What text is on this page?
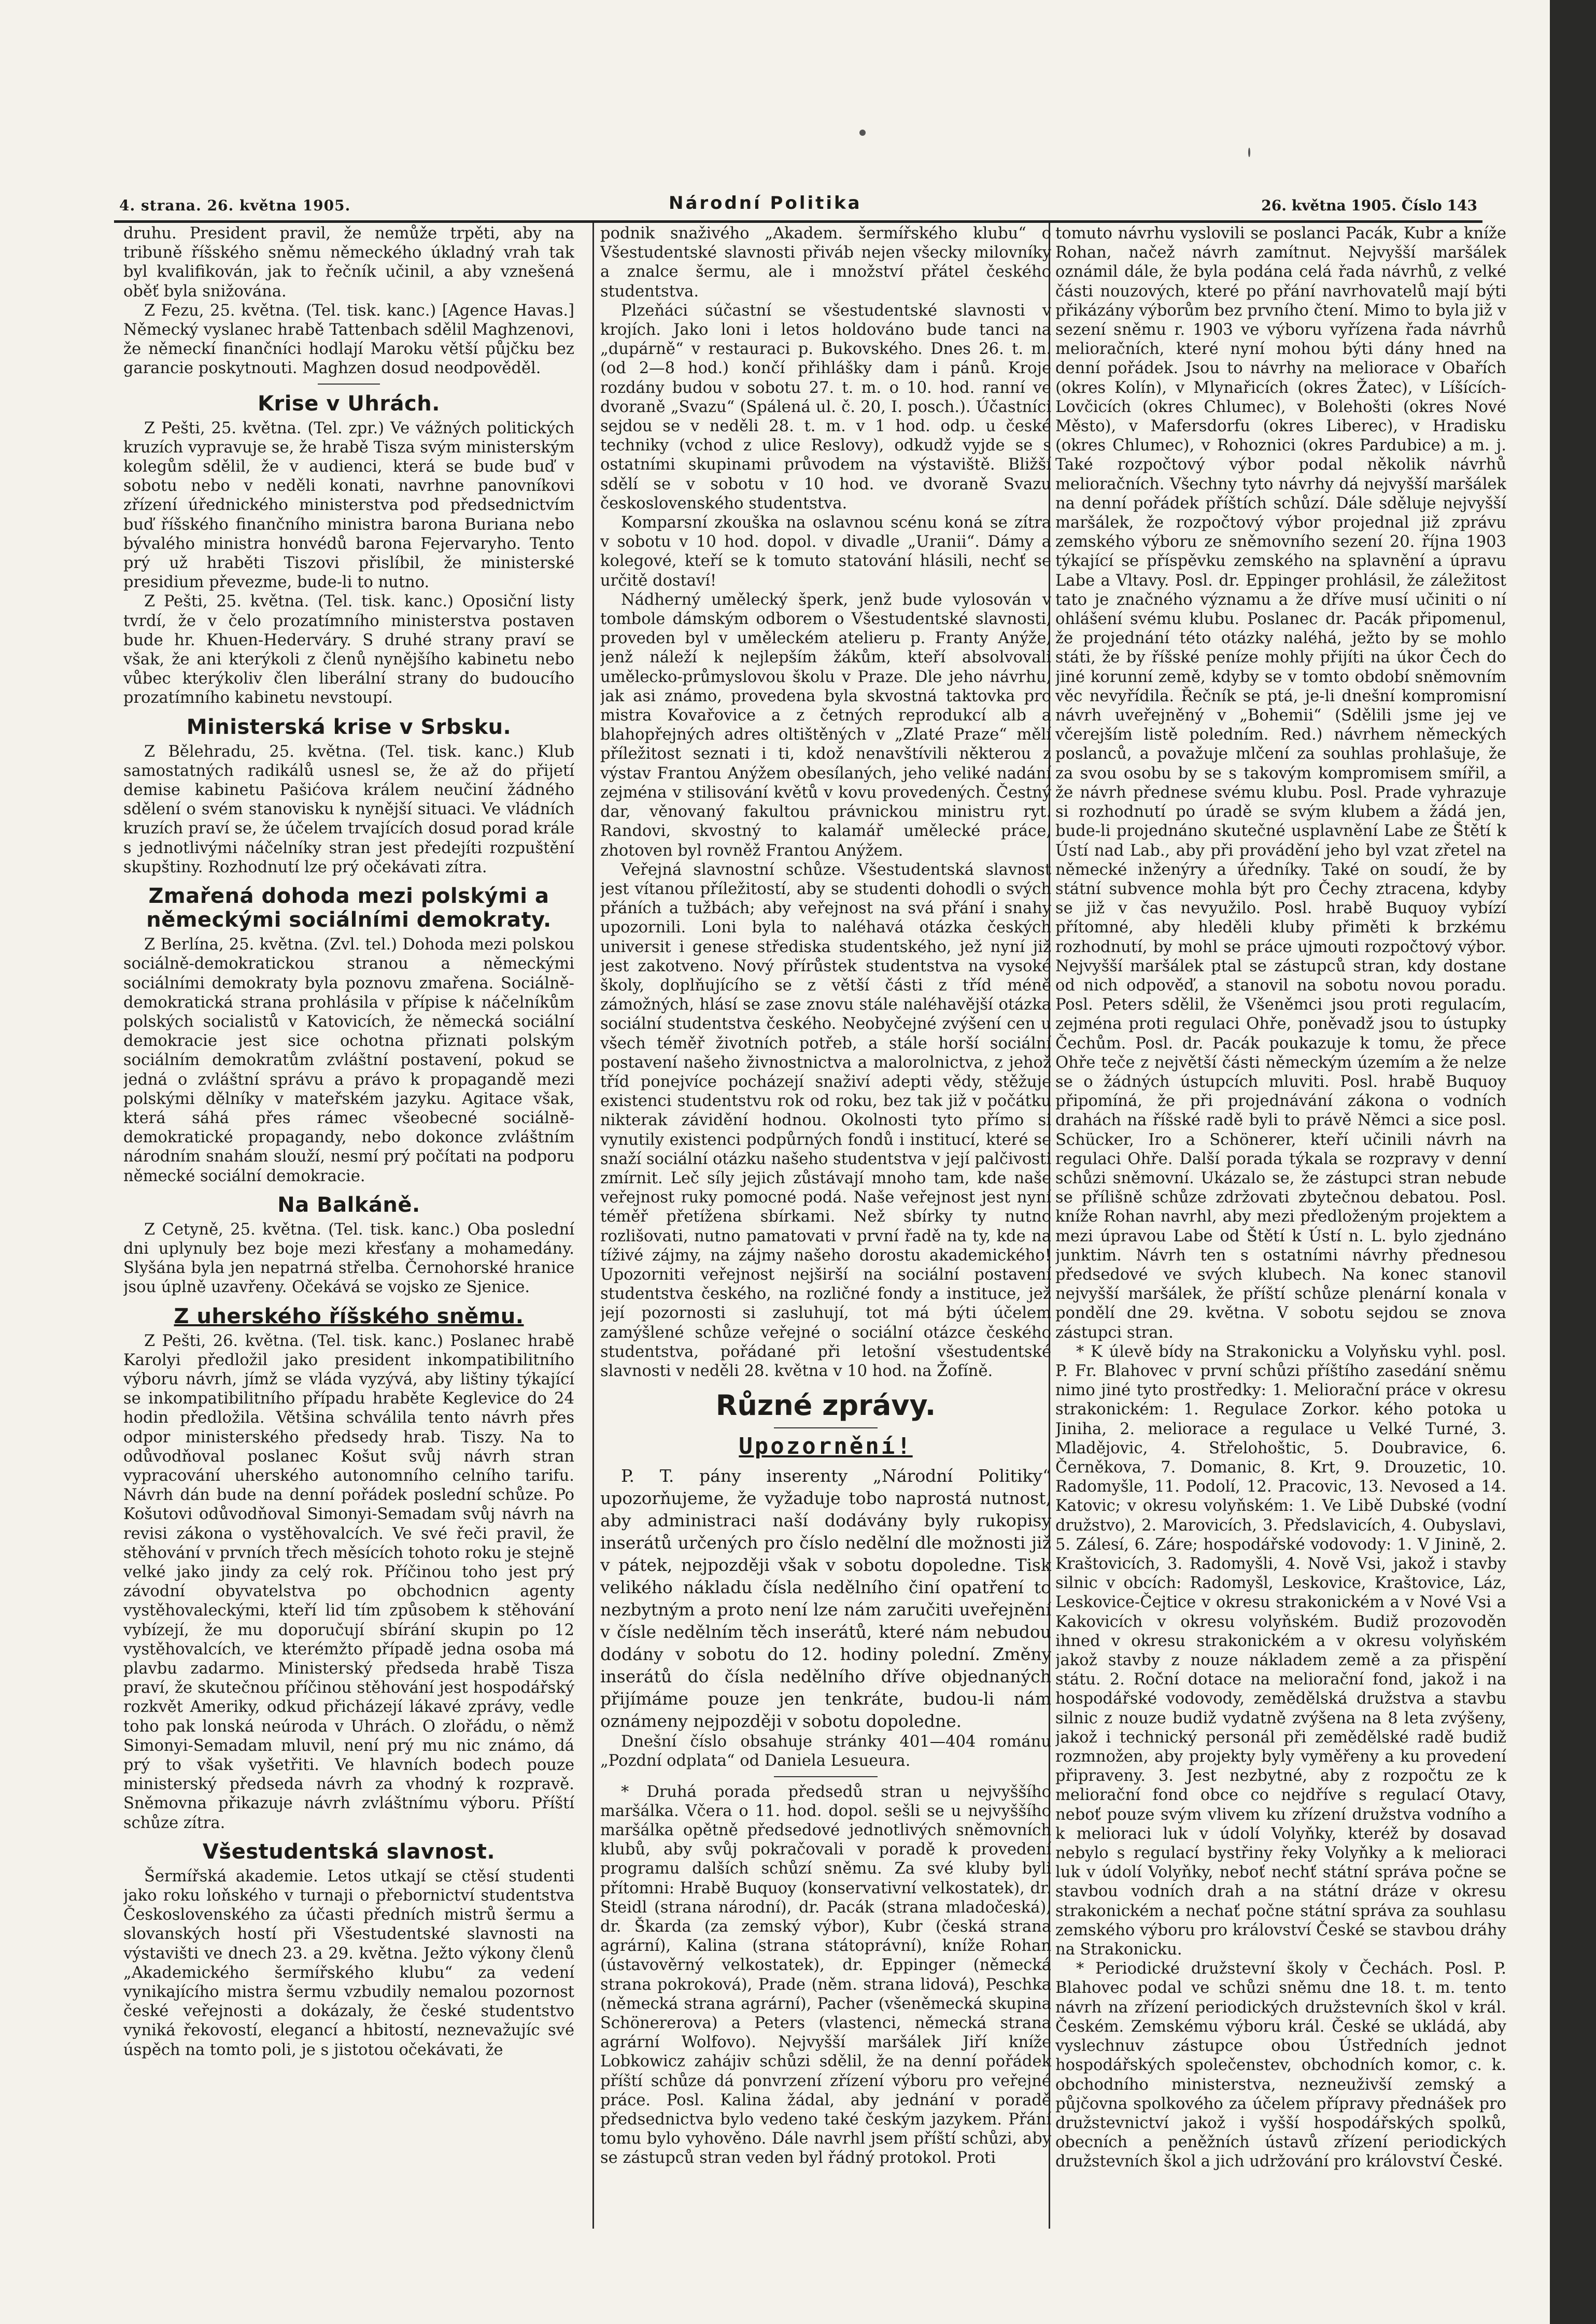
4. strana. 26. května 1905.	Národní Politika	26. května 1905. Číslo 143

druhu. President pravil, že nemůže trpěti, aby na tribuně říšského sněmu německého úkladný vrah tak byl kvalifikován, jak to řečník učinil, a aby vznešená oběť byla snižována.

Z Fezu, 25. května. (Tel. tisk. kanc.) [Agence Havas.] Německý vyslanec hrabě Tattenbach sdělil Maghzenovi, že německí finančníci hodlají Maroku větší půjčku bez garancie poskytnouti. Maghzen dosud neodpověděl.

Krise v Uhrách.

Z Pešti, 25. května. (Tel. zpr.) Ve vážných politických kruzích vypravuje se, že hrabě Tisza svým ministerským kolegům sdělil, že v audienci, která se bude buď v sobotu nebo v neděli konati, navrhne panovníkovi zřízení úřednického ministerstva pod předsednictvím buď říšského finančního ministra barona Buriana nebo bývalého ministra honvédů barona Fejervaryho. Tento prý už hraběti Tiszovi přislíbil, že ministerské presidium převezme, bude-li to nutno.

Z Pešti, 25. května. (Tel. tisk. kanc.) Oposiční listy tvrdí, že v čelo prozatímního ministerstva postaven bude hr. Khuen-Hederváry. S druhé strany praví se však, že ani kterýkoli z členů nynějšího kabinetu nebo vůbec kterýkoliv člen liberální strany do budoucího prozatímního kabinetu nevstoupí.

Ministerská krise v Srbsku.

Z Bělehradu, 25. května. (Tel. tisk. kanc.) Klub samostatných radikálů usnesl se, že až do přijetí demise kabinetu Pašićova králem neučiní žádného sdělení o svém stanovisku k nynější situaci. Ve vládních kruzích praví se, že účelem trvajících dosud porad krále s jednotlivými náčelníky stran jest předejíti rozpuštění skupštiny. Rozhodnutí lze prý očekávati zítra.

Zmařená dohoda mezi polskými a německými sociálními demokraty.

Z Berlína, 25. května. (Zvl. tel.) Dohoda mezi polskou sociálně-demokratickou stranou a německými sociálními demokraty byla poznovu zmařena. Sociálně-demokratická strana prohlásila v přípise k náčelníkům polských socialistů v Katovicích, že německá sociální demokracie jest sice ochotna přiznati polským sociálním demokratům zvláštní postavení, pokud se jedná o zvláštní správu a právo k propagandě mezi polskými dělníky v mateřském jazyku. Agitace však, která sáhá přes rámec všeobecné sociálně-demokratické propagandy, nebo dokonce zvláštním národním snahám slouží, nesmí prý počítati na podporu německé sociální demokracie.

Na Balkáně.

Z Cetyně, 25. května. (Tel. tisk. kanc.) Oba poslední dni uplynuly bez boje mezi křesťany a mohamedány. Slyšána byla jen nepatrná střelba. Černohorské hranice jsou úplně uzavřeny. Očekává se vojsko ze Sjenice.

Z uherského říšského sněmu.

Z Pešti, 26. května. (Tel. tisk. kanc.) Poslanec hrabě Karolyi předložil jako president inkompatibilitního výboru návrh, jímž se vláda vyzývá, aby lištiny týkající se inkompatibilitního případu hraběte Keglevice do 24 hodin předložila. Většina schválila tento návrh přes odpor ministerského předsedy hrab. Tiszy. Na to odůvodňoval poslanec Košut svůj návrh stran vypracování uherského autonomního celního tarifu. Návrh dán bude na denní pořádek poslední schůze. Po Košutovi odůvodňoval Simonyi-Semadam svůj návrh na revisi zákona o vystěhovalcích. Ve své řeči pravil, že stěhování v prvních třech měsících tohoto roku je stejně velké jako jindy za celý rok. Příčinou toho jest prý závodní obyvatelstva po obchodnicn agenty vystěhovaleckými, kteří lid tím způsobem k stěhování vybízejí, že mu doporučují sbírání skupin po 12 vystěhovalcích, ve kterémžto případě jedna osoba má plavbu zadarmo. Ministerský předseda hrabě Tisza praví, že skutečnou příčinou stěhování jest hospodářský rozkvět Ameriky, odkud přicházejí lákavé zprávy, vedle toho pak lonská neúroda v Uhrách. O zlořádu, o němž Simonyi-Semadam mluvil, není prý mu nic známo, dá prý to však vyšetřiti. Ve hlavních bodech pouze ministerský předseda návrh za vhodný k rozpravě. Sněmovna přikazuje návrh zvláštnímu výboru. Příští schůze zítra.

Všestudentská slavnost.

Šermířská akademie. Letos utkají se ctěsí studenti jako roku loňského v turnaji o přebornictví studentstva Československého za účasti předních mistrů šermu a slovanských hostí při Všestudentské slavnosti na výstavišti ve dnech 23. a 29. května. Ježto výkony členů „Akademického šermířského klubu“ za vedení vynikajícího mistra šermu vzbudily nemalou pozornost české veřejnosti a dokázaly, že české studentstvo vyniká řekovostí, elegancí a hbitostí, neznevažujíc své úspěch na tomto poli, je s jistotou očekávati, že

podnik snaživého „Akadem. šermířského klubu“ o Všestudentské slavnosti přiváb nejen všecky milovníky a znalce šermu, ale i množství přátel českého studentstva.

Plzeňáci súčastní se všestudentské slavnosti v krojích. Jako loni i letos holdováno bude tanci na „dupárně“ v restauraci p. Bukovského. Dnes 26. t. m. (od 2—8 hod.) končí přihlášky dam i pánů. Kroje rozdány budou v sobotu 27. t. m. o 10. hod. ranní ve dvoraně „Svazu“ (Spálená ul. č. 20, I. posch.). Účastníci sejdou se v neděli 28. t. m. v 1 hod. odp. u české techniky (vchod z ulice Reslovy), odkudž vyjde se s ostatními skupinami průvodem na výstaviště. Bližší sdělí se v sobotu v 10 hod. ve dvoraně Svazu československého studentstva.

Komparsní zkouška na oslavnou scénu koná se zítra v sobotu v 10 hod. dopol. v divadle „Uranii“. Dámy a kolegové, kteří se k tomuto statování hlásili, nechť se určitě dostaví!

Nádherný umělecký šperk, jenž bude vylosován v tombole dámským odborem o Všestudentské slavnosti, proveden byl v uměleckém atelieru p. Franty Anýže, jenž náleží k nejlepším žákům, kteří absolvovali umělecko-průmyslovou školu v Praze. Dle jeho návrhu, jak asi známo, provedena byla skvostná taktovka pro mistra Kovařovice a z četných reprodukcí alb a blahopřejných adres oltištěných v „Zlaté Praze“ mělí příležitost seznati i ti, kdož nenavštívili některou z výstav Frantou Anýžem obesílaných, jeho veliké nadání zejména v stilisování květů v kovu provedených. Čestný dar, věnovaný fakultou právnickou ministru ryt. Randovi, skvostný to kalamář umělecké práce, zhotoven byl rovněž Frantou Anýžem.

Veřejná slavnostní schůze. Všestudentská slavnost jest vítanou příležitostí, aby se studenti dohodli o svých přáních a tužbách; aby veřejnost na svá přání i snahy upozornili. Loni byla to naléhavá otázka českých universit i genese střediska studentského, jež nyní již jest zakotveno. Nový přírůstek studentstva na vysoké školy, doplňujícího se z větší části z tříd méně zámožných, hlásí se zase znovu stále naléhavější otázka sociální studentstva českého. Neobyčejné zvýšení cen u všech téměř životních potřeb, a stále horší sociální postavení našeho živnostnictva a malorolnictva, z jehož tříd ponejvíce pocházejí snaživí adepti vědy, stěžuje existenci studentstvu rok od roku, bez tak již v počátku nikterak závidění hodnou. Okolnosti tyto přímo si vynutily existenci podpůrných fondů i institucí, které se snaží sociální otázku našeho studentstva v její palčivosti zmírnit. Leč síly jejich zůstávají mnoho tam, kde naše veřejnost ruky pomocné podá. Naše veřejnost jest nyní téměř přetížena sbírkami. Než sbírky ty nutno rozlišovati, nutno pamatovati v první řadě na ty, kde na tíživé zájmy, na zájmy našeho dorostu akademického! Upozorniti veřejnost nejširší na sociální postavení studentstva českého, na rozličné fondy a instituce, jež její pozornosti si zasluhují, tot má býti účelem zamýšlené schůze veřejné o sociální otázce českého studentstva, pořádané při letošní všestudentské slavnosti v neděli 28. května v 10 hod. na Žofíně.

Různé zprávy.
Upozornění!

P. T. pány inserenty „Národní Politiky“ upozorňujeme, že vyžaduje tobo naprostá nutnost, aby administraci naší dodávány byly rukopisy inserátů určených pro číslo nedělní dle možnosti již v pátek, nejpozději však v sobotu dopoledne. Tisk velikého nákladu čísla nedělního činí opatření to nezbytným a proto není lze nám zaručiti uveřejnění v čísle nedělním těch inserátů, které nám nebudou dodány v sobotu do 12. hodiny polední. Změny inserátů do čísla nedělního dříve objednaných přijímáme pouze jen tenkráte, budou-li nám oznámeny nejpozději v sobotu dopoledne.

Dnešní číslo obsahuje stránky 401—404 románu „Pozdní odplata“ od Daniela Lesueura.

* Druhá porada předsedů stran u nejvyššího maršálka. Včera o 11. hod. dopol. sešli se u nejvyššího maršálka opětně předsedové jednotlivých sněmovních klubů, aby svůj pokračovali v poradě k provedení programu dalších schůzí sněmu. Za své kluby byli přítomni: Hrabě Buquoy (konservativní velkostatek), dr. Steidl (strana národní), dr. Pacák (strana mladočeská), dr. Škarda (za zemský výbor), Kubr (česká strana agrární), Kalina (strana státoprávní), kníže Rohan (ústavověrný velkostatek), dr. Eppinger (německá strana pokroková), Prade (něm. strana lidová), Peschka (německá strana agrární), Pacher (všeněmecká skupina Schönererova) a Peters (vlastenci, německá strana agrární Wolfovo). Nejvyšší maršálek Jiří kníže Lobkowicz zahájiv schůzi sdělil, že na denní pořádek příští schůze dá ponvrzení zřízení výboru pro veřejné práce. Posl. Kalina žádal, aby jednání v poradě předsednictva bylo vedeno také českým jazykem. Přání tomu bylo vyhověno. Dále navrhl jsem příští schůzi, aby se zástupců stran veden byl řádný protokol. Proti

tomuto návrhu vyslovili se poslanci Pacák, Kubr a kníže Rohan, načež návrh zamítnut. Nejvyšší maršálek oznámil dále, že byla podána celá řada návrhů, z velké části nouzových, které po přání navrhovatelů mají býti přikázány výborům bez prvního čtení. Mimo to byla již v sezení sněmu r. 1903 ve výboru vyřízena řada návrhů melioračních, které nyní mohou býti dány hned na denní pořádek. Jsou to návrhy na meliorace v Obařích (okres Kolín), v Mlynařicích (okres Žatec), v Líšících-Lovčicích (okres Chlumec), v Bolehošti (okres Nové Město), v Mafersdorfu (okres Liberec), v Hradisku (okres Chlumec), v Rohoznici (okres Pardubice) a m. j. Také rozpočtový výbor podal několik návrhů melioračních. Všechny tyto návrhy dá nejvyšší maršálek na denní pořádek příštích schůzí. Dále sděluje nejvyšší maršálek, že rozpočtový výbor projednal již zprávu zemského výboru ze sněmovního sezení 20. října 1903 týkající se příspěvku zemského na splavnění a úpravu Labe a Vltavy. Posl. dr. Eppinger prohlásil, že záležitost tato je značného významu a že dříve musí učiniti o ní ohlášení svému klubu. Poslanec dr. Pacák připomenul, že projednání této otázky naléhá, ježto by se mohlo státi, že by říšské peníze mohly přijíti na úkor Čech do jiné korunní země, kdyby se v tomto období sněmovním věc nevyřídila. Řečník se ptá, je-li dnešní kompromisní návrh uveřejněný v „Bohemii“ (Sdělili jsme jej ve včerejším listě poledním. Red.) návrhem německých poslanců, a považuje mlčení za souhlas prohlašuje, že za svou osobu by se s takovým kompromisem smířil, a že návrh přednese svému klubu. Posl. Prade vyhrazuje si rozhodnutí po úradě se svým klubem a žádá jen, bude-li projednáno skutečné usplavnění Labe ze Štětí k Ústí nad Lab., aby při provádění jeho byl vzat zřetel na německé inženýry a úředníky. Také on soudí, že by státní subvence mohla být pro Čechy ztracena, kdyby se již v čas nevyužilo. Posl. hrabě Buquoy vybízí přítomné, aby hleděli kluby přiměti k brzkému rozhodnutí, by mohl se práce ujmouti rozpočtový výbor. Nejvyšší maršálek ptal se zástupců stran, kdy dostane od nich odpověď, a stanovil na sobotu novou poradu. Posl. Peters sdělil, že Všeněmci jsou proti regulacím, zejména proti regulaci Ohře, poněvadž jsou to ústupky Čechům. Posl. dr. Pacák poukazuje k tomu, že přece Ohře teče z největší části německým územím a že nelze se o žádných ústupcích mluviti. Posl. hrabě Buquoy připomíná, že při projednávání zákona o vodních drahách na říšské radě byli to právě Němci a sice posl. Schücker, Iro a Schönerer, kteří učinili návrh na regulaci Ohře. Další porada týkala se rozpravy v denní schůzi sněmovní. Ukázalo se, že zástupci stran nebude se přílišně schůze zdržovati zbytečnou debatou. Posl. kníže Rohan navrhl, aby mezi předloženým projektem a mezi úpravou Labe od Štětí k Ústí n. L. bylo zjednáno junktim. Návrh ten s ostatními návrhy přednesou předsedové ve svých klubech. Na konec stanovil nejvyšší maršálek, že příští schůze plenární konala v pondělí dne 29. května. V sobotu sejdou se znova zástupci stran.

* K úlevě bídy na Strakonicku a Volyňsku vyhl. posl. P. Fr. Blahovec v první schůzi příštího zasedání sněmu nimo jiné tyto prostředky: 1. Meliorační práce v okresu strakonickém: 1. Regulace Zorkor. kého potoka u Jiniha, 2. meliorace a regulace u Velké Turné, 3. Mladějovic, 4. Střelohoštic, 5. Doubravice, 6. Černěkova, 7. Domanic, 8. Krt, 9. Drouzetic, 10. Radomyšle, 11. Podolí, 12. Pracovic, 13. Nevosed a 14. Katovic; v okresu volyňském: 1. Ve Libě Dubské (vodní družstvo), 2. Marovicích, 3. Předslavicích, 4. Oubyslavi, 5. Zálesí, 6. Záre; hospodářské vodovody: 1. V Jinině, 2. Kraštovicích, 3. Radomyšli, 4. Nově Vsi, jakož i stavby silnic v obcích: Radomyšl, Leskovice, Kraštovice, Láz, Leskovice-Čejtice v okresu strakonickém a v Nové Vsi a Kakovicích v okresu volyňském. Budiž prozovoděn ihned v okresu strakonickém a v okresu volyňském jakož stavby z nouze nákladem země a za přispění státu. 2. Roční dotace na meliorační fond, jakož i na hospodářské vodovody, zemědělská družstva a stavbu silnic z nouze budiž vydatně zvýšena na 8 leta zvýšeny, jakož i technický personál při zemědělské radě budiž rozmnožen, aby projekty byly vyměřeny a ku provedení připraveny. 3. Jest nezbytné, aby z rozpočtu ze k meliorační fond obce co nejdříve s regulací Otavy, neboť pouze svým vlivem ku zřízení družstva vodního a k melioraci luk v údolí Volyňky, kteréž by dosavad nebylo s regulací bystřiny řeky Volyňky a k melioraci luk v údolí Volyňky, neboť nechť státní správa počne se stavbou vodních drah a na státní dráze v okresu strakonickém a nechať počne státní správa za souhlasu zemského výboru pro království České se stavbou dráhy na Strakonicku.

* Periodické družstevní školy v Čechách. Posl. P. Blahovec podal ve schůzi sněmu dne 18. t. m. tento návrh na zřízení periodických družstevních škol v král. Českém. Zemskému výboru král. České se ukládá, aby vyslechnuv zástupce obou Ústředních jednot hospodářských společenstev, obchodních komor, c. k. obchodního ministerstva, nezneuživší zemský a půjčovna spolkového za účelem přípravy přednášek pro družstevnictví jakož i vyšší hospodářských spolků, obecních a peněžních ústavů zřízení periodických družstevních škol a jich udržování pro království České.
